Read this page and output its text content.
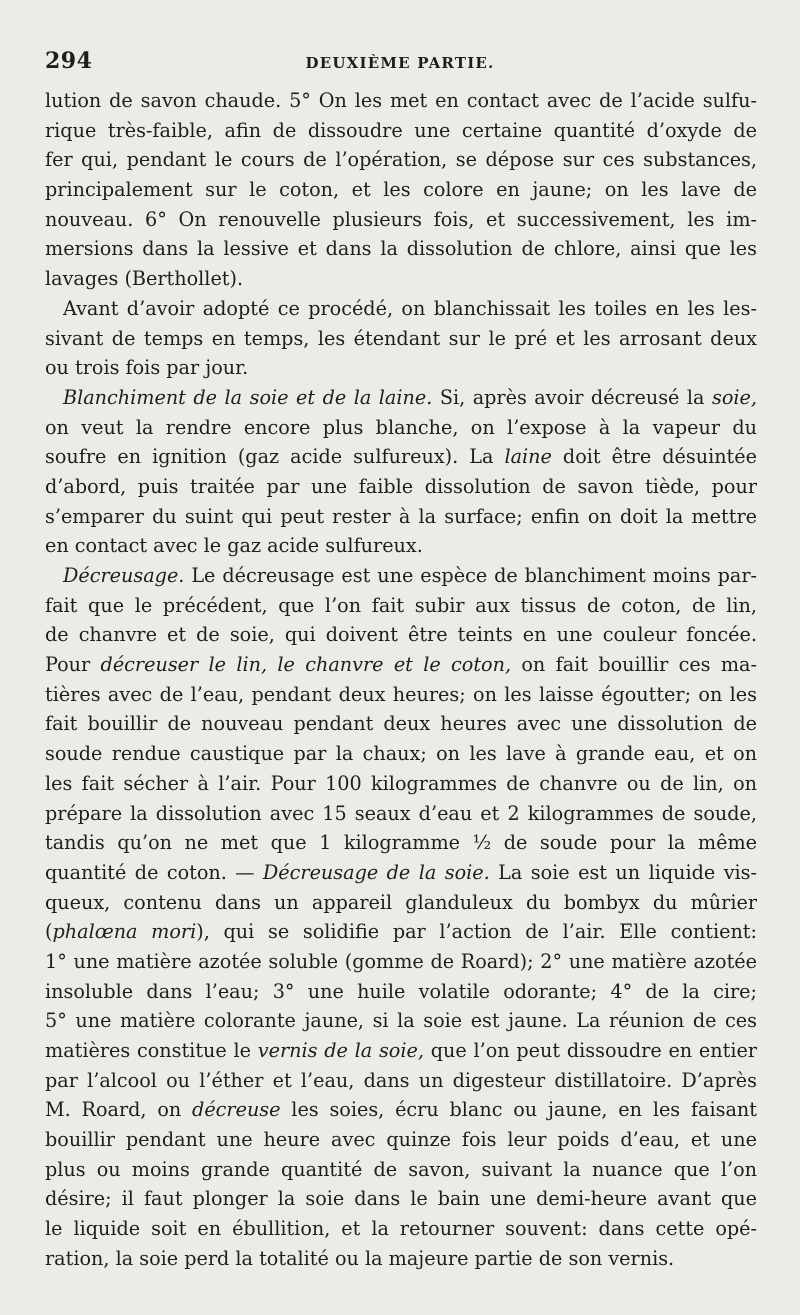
294	DEUXIÈME PARTIE.
lution de savon chaude. 5° On les met en contact avec de l’acide sulfu-
rique très-faible, afin de dissoudre une certaine quantité d’oxyde de
fer qui, pendant le cours de l’opération, se dépose sur ces substances,
principalement sur le coton, et les colore en jaune; on les lave de
nouveau. 6° On renouvelle plusieurs fois, et successivement, les im-
mersions dans la lessive et dans la dissolution de chlore, ainsi que les
lavages (Berthollet).
Avant d’avoir adopté ce procédé, on blanchissait les toiles en les les-
sivant de temps en temps, les étendant sur le pré et les arrosant deux
ou trois fois par jour.
Blanchiment de la soie et de la laine. Si, après avoir décreusé la soie,
on veut la rendre encore plus blanche, on l’expose à la vapeur du
soufre en ignition (gaz acide sulfureux). La laine doit être désuintée
d’abord, puis traitée par une faible dissolution de savon tiède, pour
s’emparer du suint qui peut rester à la surface; enfin on doit la mettre
en contact avec le gaz acide sulfureux.
Décreusage. Le décreusage est une espèce de blanchiment moins par-
fait que le précédent, que l’on fait subir aux tissus de coton, de lin,
de chanvre et de soie, qui doivent être teints en une couleur foncée.
Pour décreuser le lin, le chanvre et le coton, on fait bouillir ces ma-
tières avec de l’eau, pendant deux heures; on les laisse égoutter; on les
fait bouillir de nouveau pendant deux heures avec une dissolution de
soude rendue caustique par la chaux; on les lave à grande eau, et on
les fait sécher à l’air. Pour 100 kilogrammes de chanvre ou de lin, on
prépare la dissolution avec 15 seaux d’eau et 2 kilogrammes de soude,
tandis qu’on ne met que 1 kilogramme ½ de soude pour la même
quantité de coton. — Décreusage de la soie. La soie est un liquide vis-
queux, contenu dans un appareil glanduleux du bombyx du mûrier
(phalœna mori), qui se solidifie par l’action de l’air. Elle contient:
1° une matière azotée soluble (gomme de Roard); 2° une matière azotée
insoluble dans l’eau; 3° une huile volatile odorante; 4° de la cire;
5° une matière colorante jaune, si la soie est jaune. La réunion de ces
matières constitue le vernis de la soie, que l’on peut dissoudre en entier
par l’alcool ou l’éther et l’eau, dans un digesteur distillatoire. D’après
M. Roard, on décreuse les soies, écru blanc ou jaune, en les faisant
bouillir pendant une heure avec quinze fois leur poids d’eau, et une
plus ou moins grande quantité de savon, suivant la nuance que l’on
désire; il faut plonger la soie dans le bain une demi-heure avant que
le liquide soit en ébullition, et la retourner souvent: dans cette opé-
ration, la soie perd la totalité ou la majeure partie de son vernis.
